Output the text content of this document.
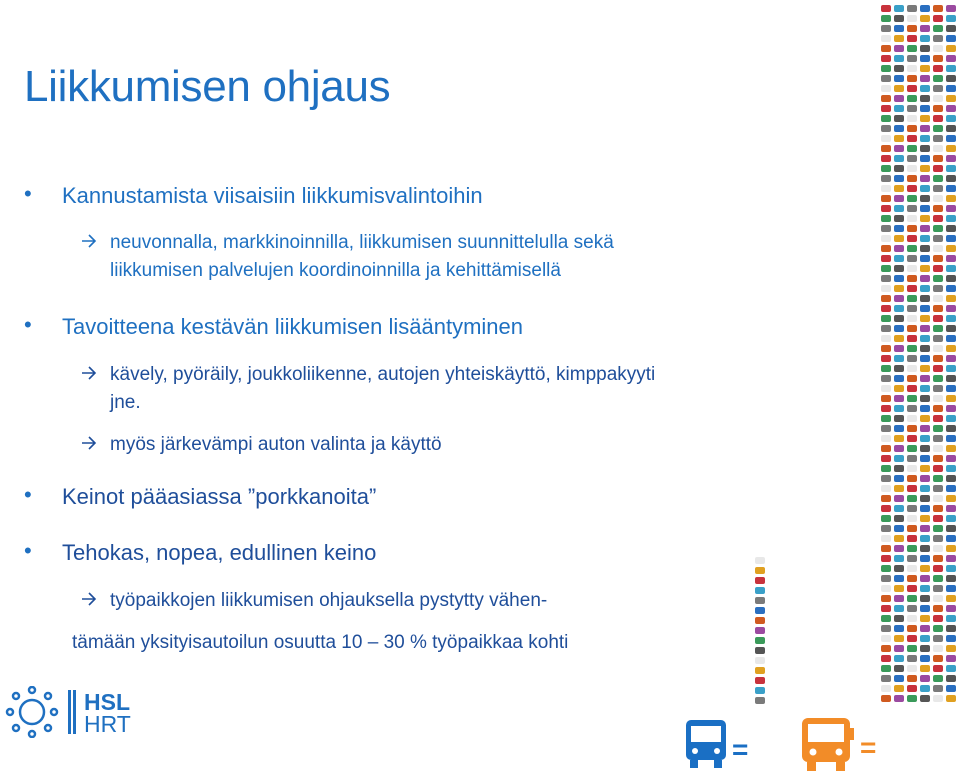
Liikkumisen ohjaus
• Kannustamista viisaisiin liikkumisvalintoihin
neuvonnalla, markkinoinnilla, liikkumisen suunnittelulla sekä
liikkumisen palvelujen koordinoinnilla ja kehittämisellä
• Tavoitteena kestävän liikkumisen lisääntyminen
kävely, pyöräily, joukkoliikenne, autojen yhteiskäyttö, kimppakyyti
jne.
myös järkevämpi auton valinta ja käyttö
• Keinot pääasiassa ”porkkanoita”
• Tehokas, nopea, edullinen keino
työpaikkojen liikkumisen ohjauksella pystytty vähen-
tämään yksityisautoilun osuutta 10 – 30 % työpaikkaa kohti
=	=
HSL
HRT
